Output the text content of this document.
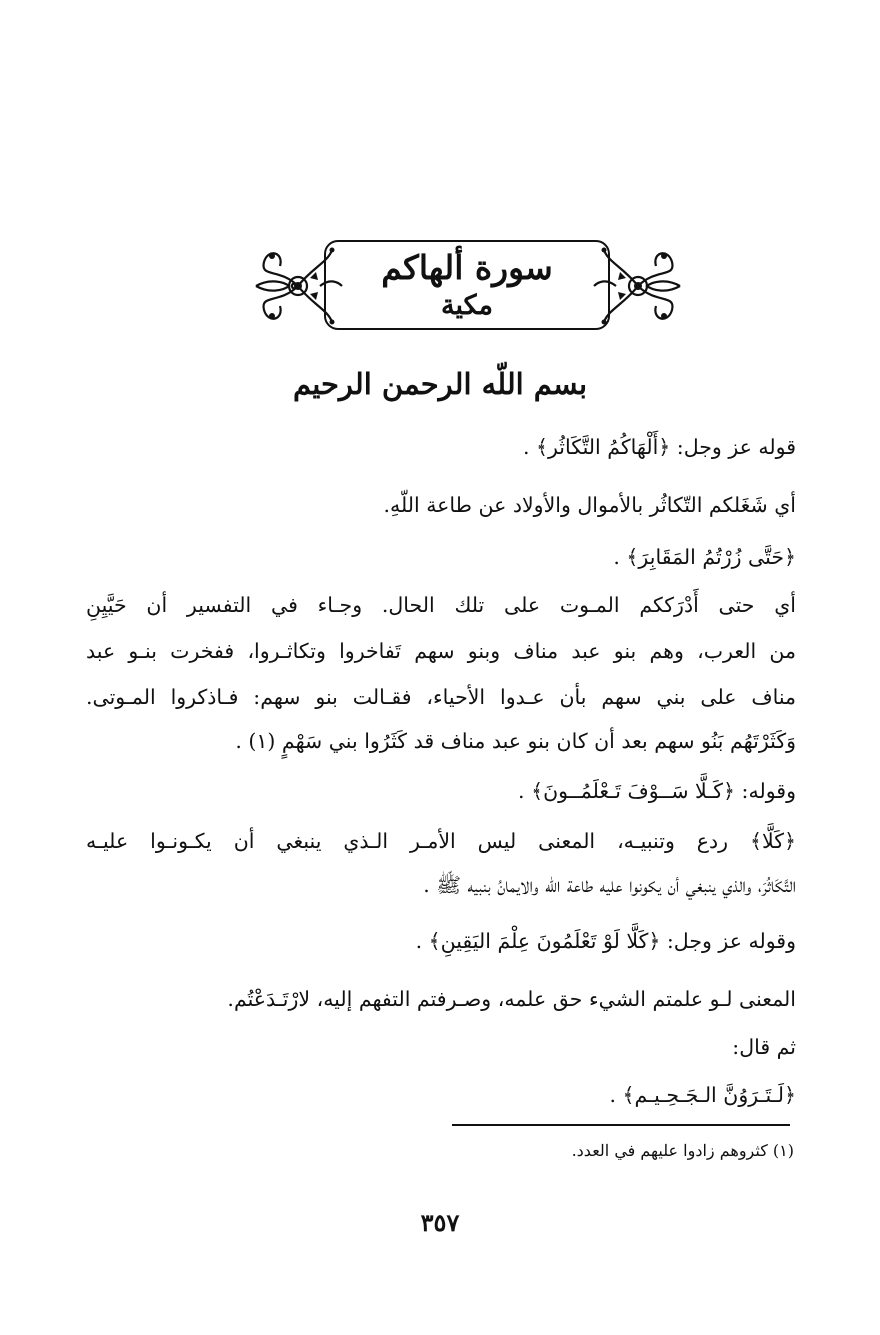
سورة ألهاكم
مكية
بسم اللّه الرحمن الرحيم
قوله عز وجل: ﴿أَلْهَاكُمُ التَّكَاثُر﴾ .
أي شَغَلكم التّكاثُر بالأموال والأولاد عن طاعة اللّهِ.
﴿حَتَّى زُرْتُمُ المَقَابِرَ﴾ .
أي حتى أَدْرَككم المـوت على تلك الحال. وجـاء في التفسير أن حَيَّيِنِ
من العرب، وهم بنو عبد مناف وبنو سهم تَفاخروا وتكاثـروا، ففخرت بنـو عبد
مناف على بني سهم بأن عـدوا الأحياء، فقـالت بنو سهم: فـاذكروا المـوتى.
وَكَثَرْتَهُم بَنُو سهم بعد أن كان بنو عبد مناف قد كَثَرُوا بني سَهْمٍ (١) .
وقوله: ﴿كَـلَّا سَــوْفَ تَـعْلَمُــونَ﴾ .
﴿كَلَّا﴾ ردع وتنبيـه، المعنى ليس الأمـر الـذي ينبغي أن يكـونـوا عليـه
التَّكَاثُرَ، والذي ينبغي أن يكونوا عليه طاعة اللّه والايمانُ بنبيه ﷺ .
وقوله عز وجل: ﴿كَلَّا لَوْ تَعْلَمُونَ عِلْمَ اليَقِينِ﴾ .
المعنى لـو علمتم الشيء حق علمه، وصـرفتم التفهم إليه، لارْتَـدَعْتُم.
ثم قال:
﴿لَـتَـرَوُنَّ الـجَـحِـيـم﴾ .
(١) كثروهم زادوا عليهم في العدد.
٣٥٧
